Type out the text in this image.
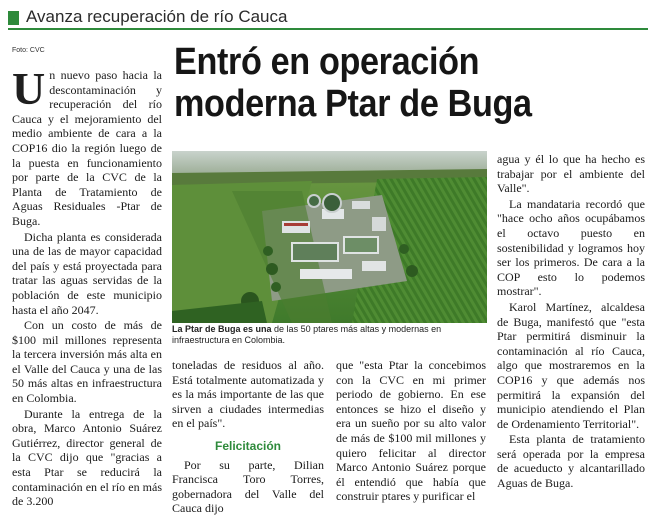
Avanza recuperación de río Cauca
Foto: CVC	Entró en operación
moderna Ptar de Buga

Un nuevo paso hacia la descontaminación y recuperación del río Cauca y el mejoramiento del medio ambiente de cara a la COP16 dio la región luego de la puesta en funcionamiento por parte de la CVC de la Planta de Tratamiento de Aguas Residuales -Ptar de Buga.

Dicha planta es considerada una de las de mayor capacidad del país y está proyectada para tratar las aguas servidas de la población de este municipio hasta el año 2047.

Con un costo de más de $100 mil millones representa la tercera inversión más alta en el Valle del Cauca y una de las 50 más altas en infraestructura en Colombia.

Durante la entrega de la obra, Marco Antonio Suárez Gutiérrez, director general de la CVC dijo que "gracias a esta Ptar se reducirá la contaminación en el río en más de 3.200

La Ptar de Buga es una de las 50 ptares más altas y modernas en infraestructura en Colombia.

toneladas de residuos al año. Está totalmente automatizada y es la más importante de las que sirven a ciudades intermedias en el país".

Felicitación

Por su parte, Dilian Francisca Toro Torres, gobernadora del Valle del Cauca dijo

que "esta Ptar la concebimos con la CVC en mi primer periodo de gobierno. En ese entonces se hizo el diseño y era un sueño por su alto valor de más de $100 mil millones y quiero felicitar al director Marco Antonio Suárez porque él entendió que había que construir ptares y purificar el

agua y él lo que ha hecho es trabajar por el ambiente del Valle".

La mandataria recordó que "hace ocho años ocupábamos el octavo puesto en sostenibilidad y logramos hoy ser los primeros. De cara a la COP esto lo podemos mostrar".

Karol Martínez, alcaldesa de Buga, manifestó que "esta Ptar permitirá disminuir la contaminación al río Cauca, algo que mostraremos en la COP16 y que además nos permitirá la expansión del municipio atendiendo el Plan de Ordenamiento Territorial".

Esta planta de tratamiento será operada por la empresa de acueducto y alcantarillado Aguas de Buga.
